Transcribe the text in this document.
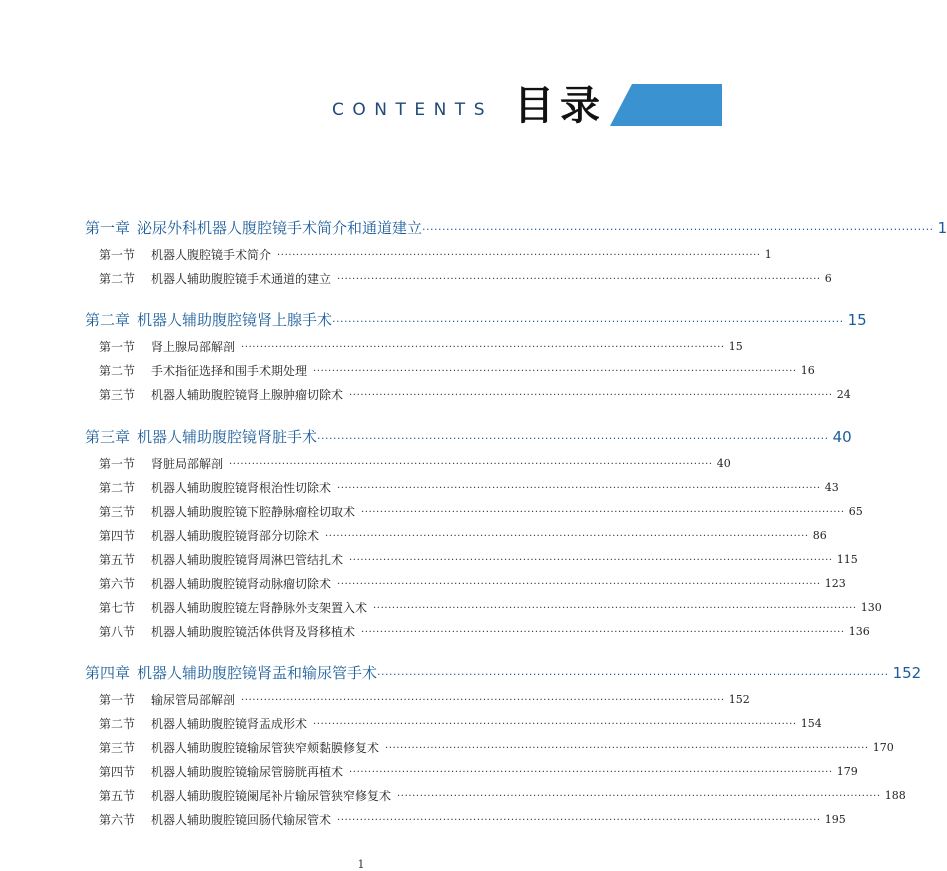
CONTENTS 目录
第一章 泌尿外科机器人腹腔镜手术简介和通道建立 ································································································································ 1
第一节	机器人腹腔镜手术简介 ································································································································ 1
第二节	机器人辅助腹腔镜手术通道的建立 ································································································································ 6
第二章 机器人辅助腹腔镜肾上腺手术 ································································································································ 15
第一节	肾上腺局部解剖 ································································································································ 15
第二节	手术指征选择和围手术期处理 ································································································································ 16
第三节	机器人辅助腹腔镜肾上腺肿瘤切除术 ································································································································ 24
第三章 机器人辅助腹腔镜肾脏手术 ································································································································ 40
第一节	肾脏局部解剖 ································································································································ 40
第二节	机器人辅助腹腔镜肾根治性切除术 ································································································································ 43
第三节	机器人辅助腹腔镜下腔静脉瘤栓切取术 ································································································································ 65
第四节	机器人辅助腹腔镜肾部分切除术 ································································································································ 86
第五节	机器人辅助腹腔镜肾周淋巴管结扎术 ································································································································ 115
第六节	机器人辅助腹腔镜肾动脉瘤切除术 ································································································································ 123
第七节	机器人辅助腹腔镜左肾静脉外支架置入术 ································································································································ 130
第八节	机器人辅助腹腔镜活体供肾及肾移植术 ································································································································ 136
第四章 机器人辅助腹腔镜肾盂和输尿管手术 ································································································································ 152
第一节	输尿管局部解剖 ································································································································ 152
第二节	机器人辅助腹腔镜肾盂成形术 ································································································································ 154
第三节	机器人辅助腹腔镜输尿管狭窄颊黏膜修复术 ································································································································ 170
第四节	机器人辅助腹腔镜输尿管膀胱再植术 ································································································································ 179
第五节	机器人辅助腹腔镜阑尾补片输尿管狭窄修复术 ································································································································ 188
第六节	机器人辅助腹腔镜回肠代输尿管术 ································································································································ 195
1
